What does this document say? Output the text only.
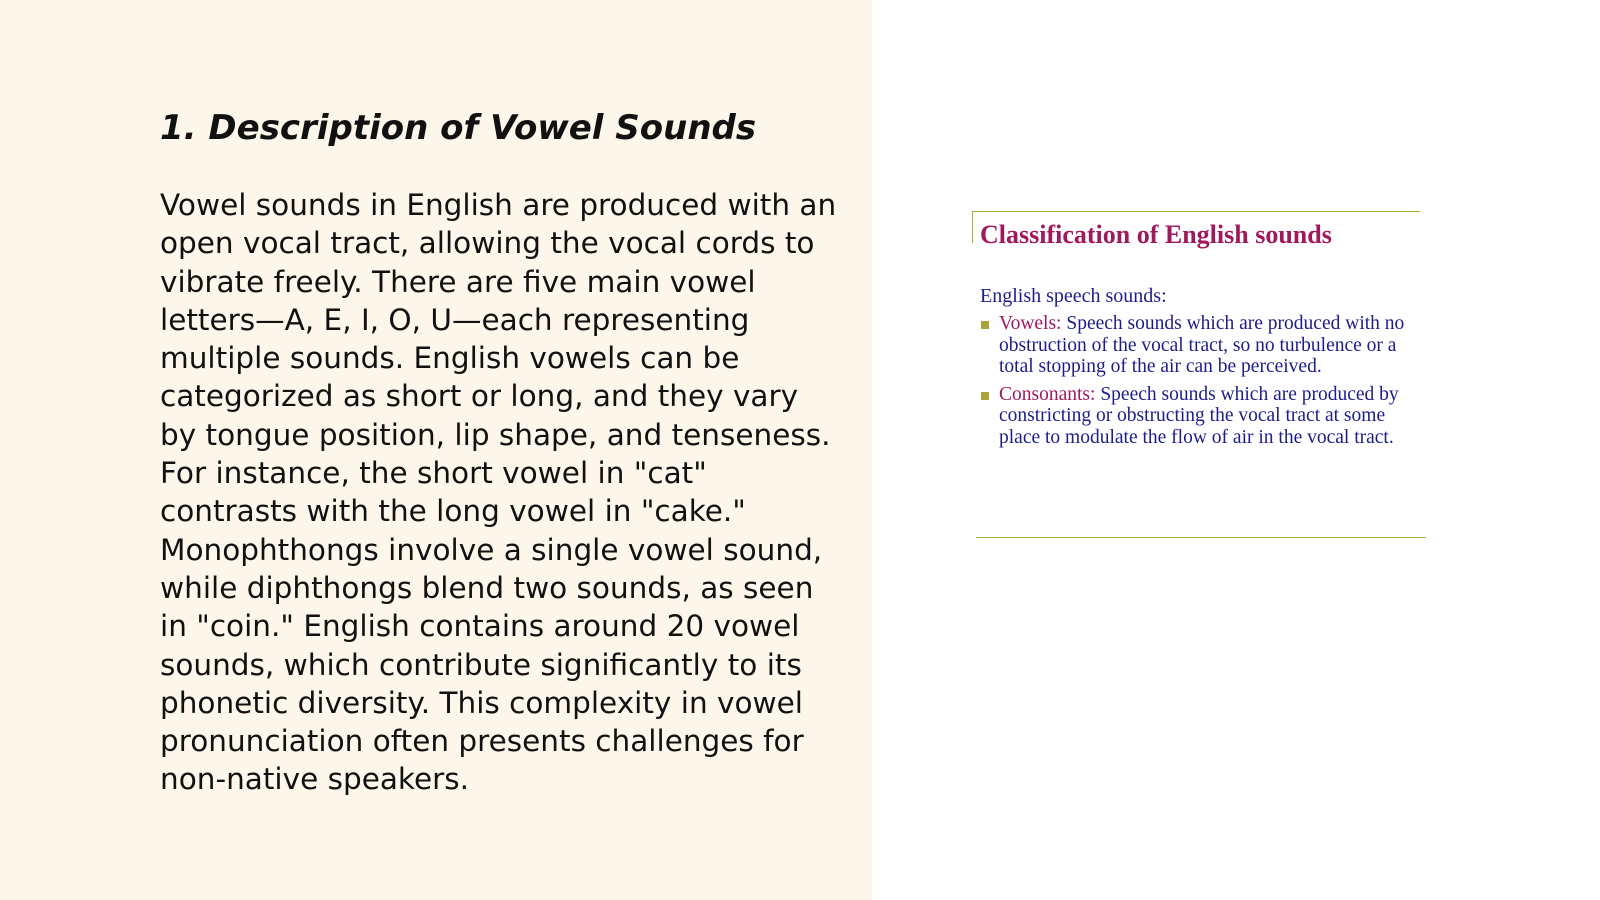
1. Description of Vowel Sounds

Vowel sounds in English are produced with an open vocal tract, allowing the vocal cords to vibrate freely. There are five main vowel letters—A, E, I, O, U—each representing multiple sounds. English vowels can be categorized as short or long, and they vary by tongue position, lip shape, and tenseness. For instance, the short vowel in "cat" contrasts with the long vowel in "cake." Monophthongs involve a single vowel sound, while diphthongs blend two sounds, as seen in "coin." English contains around 20 vowel sounds, which contribute significantly to its phonetic diversity. This complexity in vowel pronunciation often presents challenges for non-native speakers.

Classification of English sounds

English speech sounds:

Vowels: Speech sounds which are produced with no obstruction of the vocal tract, so no turbulence or a total stopping of the air can be perceived.
Consonants: Speech sounds which are produced by constricting or obstructing the vocal tract at some place to modulate the flow of air in the vocal tract.
